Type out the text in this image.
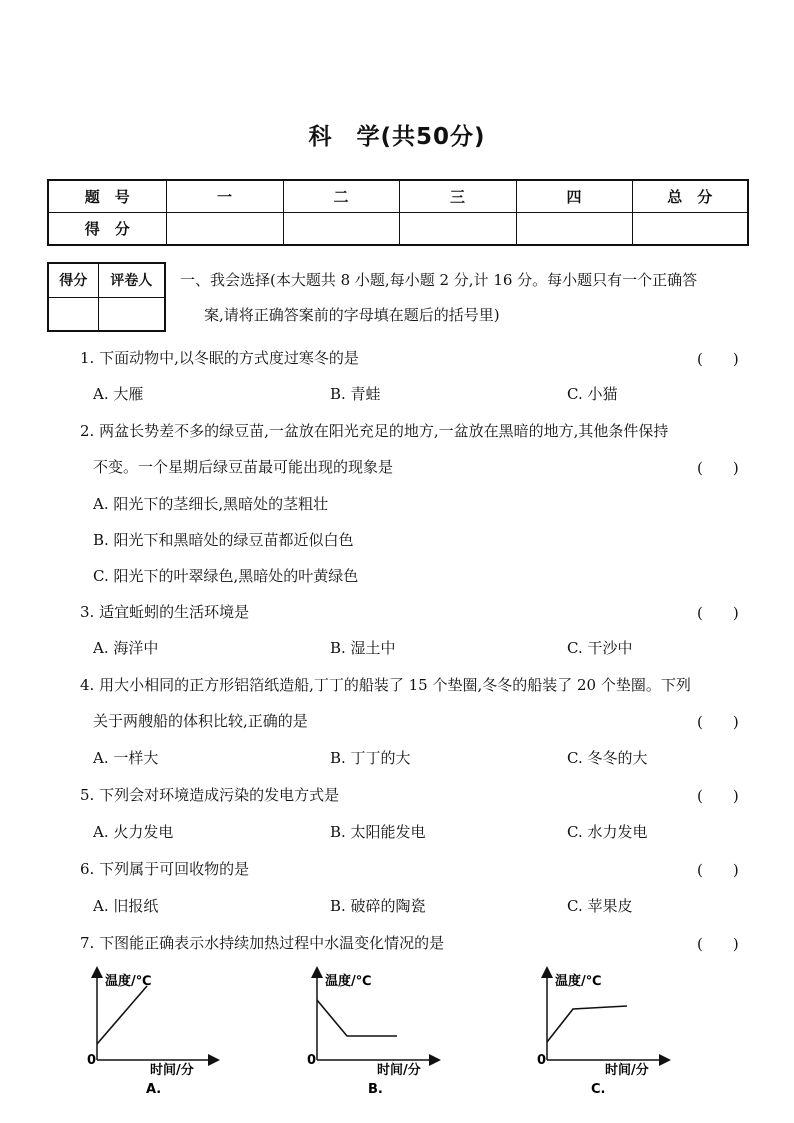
科　学(共50分)
题　号	一	二	三	四	总　分
得　分					
得分	评卷人
	一、我会选择(本大题共 8 小题,每小题 2 分,计 16 分。每小题只有一个正确答
案,请将正确答案前的字母填在题后的括号里)
1. 下面动物中,以冬眠的方式度过寒冬的是	(　　)
A. 大雁	B. 青蛙	C. 小猫
2. 两盆长势差不多的绿豆苗,一盆放在阳光充足的地方,一盆放在黑暗的地方,其他条件保持
不变。一个星期后绿豆苗最可能出现的现象是	(　　)
A. 阳光下的茎细长,黑暗处的茎粗壮
B. 阳光下和黑暗处的绿豆苗都近似白色
C. 阳光下的叶翠绿色,黑暗处的叶黄绿色
3. 适宜蚯蚓的生活环境是	(　　)
A. 海洋中	B. 湿土中	C. 干沙中
4. 用大小相同的正方形铝箔纸造船,丁丁的船装了 15 个垫圈,冬冬的船装了 20 个垫圈。下列
关于两艘船的体积比较,正确的是	(　　)
A. 一样大	B. 丁丁的大	C. 冬冬的大
5. 下列会对环境造成污染的发电方式是	(　　)
A. 火力发电	B. 太阳能发电	C. 水力发电
6. 下列属于可回收物的是	(　　)
A. 旧报纸	B. 破碎的陶瓷	C. 苹果皮
7. 下图能正确表示水持续加热过程中水温变化情况的是	(　　)
温度/℃
0
时间/分
A.
温度/℃
0
时间/分
B.
温度/℃
0
时间/分
C.
